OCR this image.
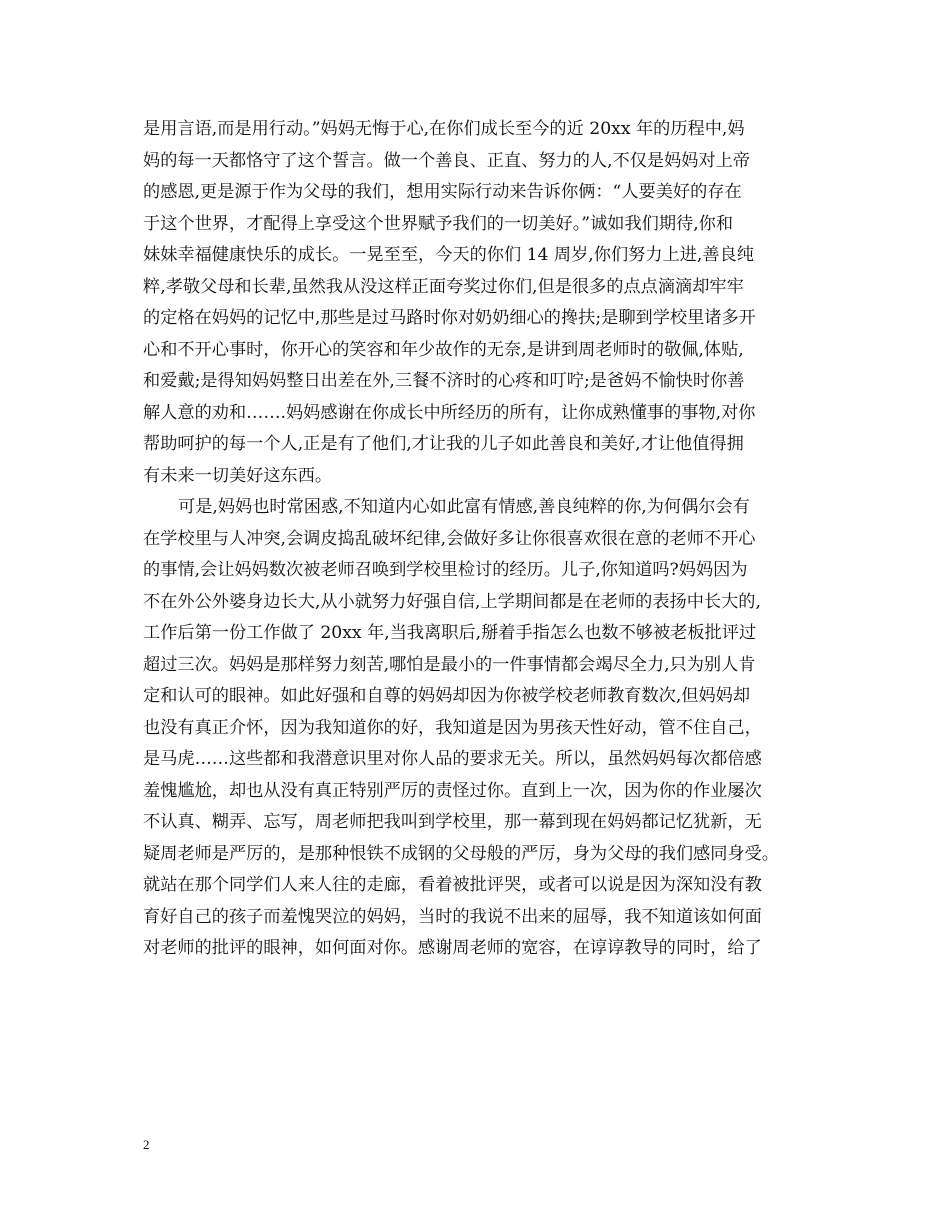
是用言语,而是用行动。”妈妈无悔于心,在你们成长至今的近 20xx 年的历程中,妈
妈的每一天都恪守了这个誓言。做一个善良、正直、努力的人,不仅是妈妈对上帝
的感恩,更是源于作为父母的我们，想用实际行动来告诉你俩：“人要美好的存在
于这个世界，才配得上享受这个世界赋予我们的一切美好。”诚如我们期待,你和
妹妹幸福健康快乐的成长。一晃至至，今天的你们 14 周岁,你们努力上进,善良纯
粹,孝敬父母和长辈,虽然我从没这样正面夸奖过你们,但是很多的点点滴滴却牢牢
的定格在妈妈的记忆中,那些是过马路时你对奶奶细心的搀扶;是聊到学校里诸多开
心和不开心事时，你开心的笑容和年少故作的无奈,是讲到周老师时的敬佩,体贴,
和爱戴;是得知妈妈整日出差在外,三餐不济时的心疼和叮咛;是爸妈不愉快时你善
解人意的劝和…….妈妈感谢在你成长中所经历的所有，让你成熟懂事的事物,对你
帮助呵护的每一个人,正是有了他们,才让我的儿子如此善良和美好,才让他值得拥
有未来一切美好这东西。
可是,妈妈也时常困惑,不知道内心如此富有情感,善良纯粹的你,为何偶尔会有
在学校里与人冲突,会调皮捣乱破坏纪律,会做好多让你很喜欢很在意的老师不开心
的事情,会让妈妈数次被老师召唤到学校里检讨的经历。儿子,你知道吗?妈妈因为
不在外公外婆身边长大,从小就努力好强自信,上学期间都是在老师的表扬中长大的,
工作后第一份工作做了 20xx 年,当我离职后,掰着手指怎么也数不够被老板批评过
超过三次。妈妈是那样努力刻苦,哪怕是最小的一件事情都会竭尽全力,只为别人肯
定和认可的眼神。如此好强和自尊的妈妈却因为你被学校老师教育数次,但妈妈却
也没有真正介怀，因为我知道你的好，我知道是因为男孩天性好动，管不住自己，
是马虎……这些都和我潜意识里对你人品的要求无关。所以，虽然妈妈每次都倍感
羞愧尴尬，却也从没有真正特别严厉的责怪过你。直到上一次，因为你的作业屡次
不认真、糊弄、忘写，周老师把我叫到学校里，那一幕到现在妈妈都记忆犹新，无
疑周老师是严厉的，是那种恨铁不成钢的父母般的严厉，身为父母的我们感同身受。
就站在那个同学们人来人往的走廊，看着被批评哭，或者可以说是因为深知没有教
育好自己的孩子而羞愧哭泣的妈妈，当时的我说不出来的屈辱，我不知道该如何面
对老师的批评的眼神，如何面对你。感谢周老师的宽容，在谆谆教导的同时，给了
2
